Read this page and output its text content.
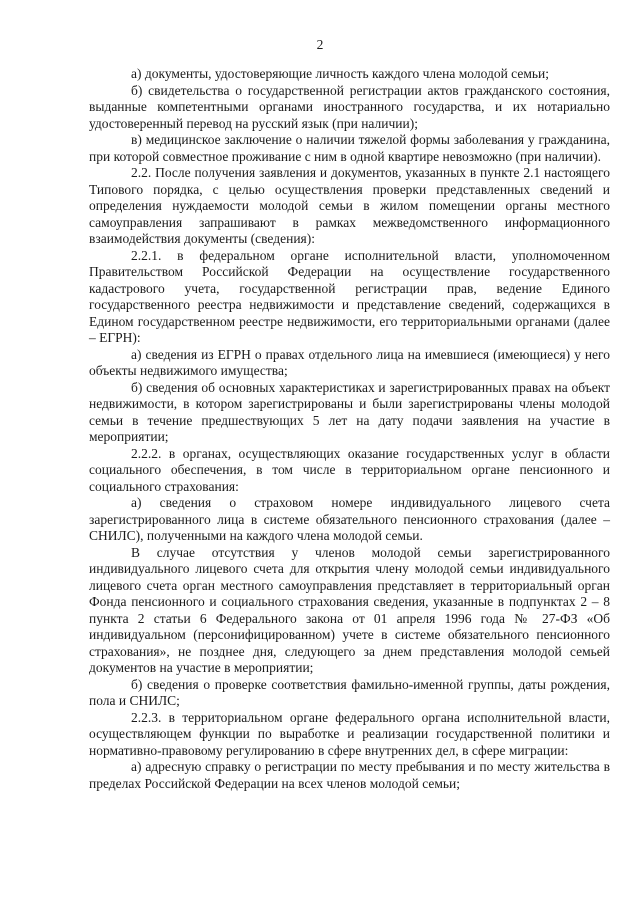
2

а) документы, удостоверяющие личность каждого члена молодой семьи;

б) свидетельства о государственной регистрации актов гражданского состояния, выданные компетентными органами иностранного государства, и их нотариально удостоверенный перевод на русский язык (при наличии);

в) медицинское заключение о наличии тяжелой формы заболевания у гражданина, при которой совместное проживание с ним в одной квартире невозможно (при наличии).

2.2. После получения заявления и документов, указанных в пункте 2.1 настоящего Типового порядка, с целью осуществления проверки представленных сведений и определения нуждаемости молодой семьи в жилом помещении органы местного самоуправления запрашивают в рамках межведомственного информационного взаимодействия документы (сведения):

2.2.1. в федеральном органе исполнительной власти, уполномоченном Правительством Российской Федерации на осуществление государственного кадастрового учета, государственной регистрации прав, ведение Единого государственного реестра недвижимости и представление сведений, содержащихся в Едином государственном реестре недвижимости, его территориальными органами (далее – ЕГРН):

а) сведения из ЕГРН о правах отдельного лица на имевшиеся (имеющиеся) у него объекты недвижимого имущества;

б) сведения об основных характеристиках и зарегистрированных правах на объект недвижимости, в котором зарегистрированы и были зарегистрированы члены молодой семьи в течение предшествующих 5 лет на дату подачи заявления на участие в мероприятии;

2.2.2. в органах, осуществляющих оказание государственных услуг в области социального обеспечения, в том числе в территориальном органе пенсионного и социального страхования:

а) сведения о страховом номере индивидуального лицевого счета зарегистрированного лица в системе обязательного пенсионного страхования (далее – СНИЛС), полученными на каждого члена молодой семьи.

В случае отсутствия у членов молодой семьи зарегистрированного индивидуального лицевого счета для открытия члену молодой семьи индивидуального лицевого счета орган местного самоуправления представляет в территориальный орган Фонда пенсионного и социального страхования сведения, указанные в подпунктах 2 – 8 пункта 2 статьи 6 Федерального закона от 01 апреля 1996 года № 27-ФЗ «Об индивидуальном (персонифицированном) учете в системе обязательного пенсионного страхования», не позднее дня, следующего за днем представления молодой семьей документов на участие в мероприятии;

б) сведения о проверке соответствия фамильно-именной группы, даты рождения, пола и СНИЛС;

2.2.3. в территориальном органе федерального органа исполнительной власти, осуществляющем функции по выработке и реализации государственной политики и нормативно-правовому регулированию в сфере внутренних дел, в сфере миграции:

а) адресную справку о регистрации по месту пребывания и по месту жительства в пределах Российской Федерации на всех членов молодой семьи;
